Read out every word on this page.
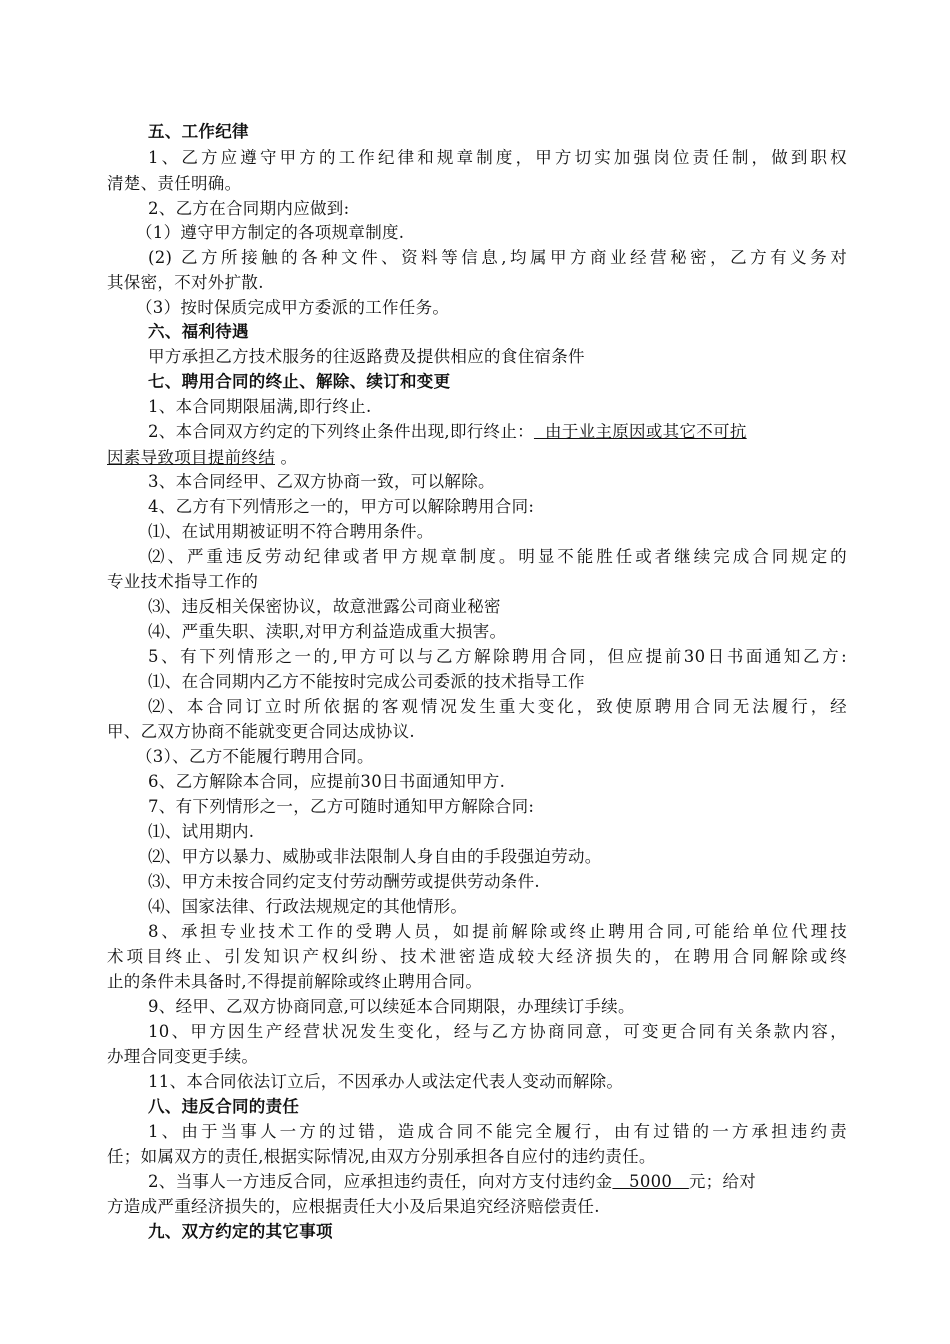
五、工作纪律
1、乙方应遵守甲方的工作纪律和规章制度，甲方切实加强岗位责任制，做到职权
清楚、责任明确。
2、乙方在合同期内应做到:
（1）遵守甲方制定的各项规章制度.
(2) 乙方所接触的各种文件、资料等信息,均属甲方商业经营秘密，乙方有义务对
其保密，不对外扩散.
（3）按时保质完成甲方委派的工作任务。
六、福利待遇
甲方承担乙方技术服务的往返路费及提供相应的食住宿条件
七、聘用合同的终止、解除、续订和变更
1、本合同期限届满,即行终止.
2、本合同双方约定的下列终止条件出现,即行终止：  由于业主原因或其它不可抗
因素导致项目提前终结 。
3、本合同经甲、乙双方协商一致，可以解除。
4、乙方有下列情形之一的，甲方可以解除聘用合同:
⑴、在试用期被证明不符合聘用条件。
⑵、严重违反劳动纪律或者甲方规章制度。明显不能胜任或者继续完成合同规定的
专业技术指导工作的
⑶、违反相关保密协议，故意泄露公司商业秘密
⑷、严重失职、渎职,对甲方利益造成重大损害。
5、有下列情形之一的,甲方可以与乙方解除聘用合同，但应提前30日书面通知乙方:
⑴、在合同期内乙方不能按时完成公司委派的技术指导工作
⑵、本合同订立时所依据的客观情况发生重大变化，致使原聘用合同无法履行，经
甲、乙双方协商不能就变更合同达成协议.
（3）、乙方不能履行聘用合同。
6、乙方解除本合同，应提前30日书面通知甲方.
7、有下列情形之一，乙方可随时通知甲方解除合同:
⑴、试用期内.
⑵、甲方以暴力、威胁或非法限制人身自由的手段强迫劳动。
⑶、甲方未按合同约定支付劳动酬劳或提供劳动条件.
⑷、国家法律、行政法规规定的其他情形。
8、承担专业技术工作的受聘人员，如提前解除或终止聘用合同,可能给单位代理技
术项目终止、引发知识产权纠纷、技术泄密造成较大经济损失的，在聘用合同解除或终
止的条件未具备时,不得提前解除或终止聘用合同。
9、经甲、乙双方协商同意,可以续延本合同期限，办理续订手续。
10、甲方因生产经营状况发生变化，经与乙方协商同意，可变更合同有关条款内容，
办理合同变更手续。
11、本合同依法订立后，不因承办人或法定代表人变动而解除。
八、违反合同的责任
1、由于当事人一方的过错，造成合同不能完全履行，由有过错的一方承担违约责
任；如属双方的责任,根据实际情况,由双方分别承担各自应付的违约责任。
2、当事人一方违反合同，应承担违约责任，向对方支付违约金   5000   元；给对
方造成严重经济损失的，应根据责任大小及后果追究经济赔偿责任.
九、双方约定的其它事项
